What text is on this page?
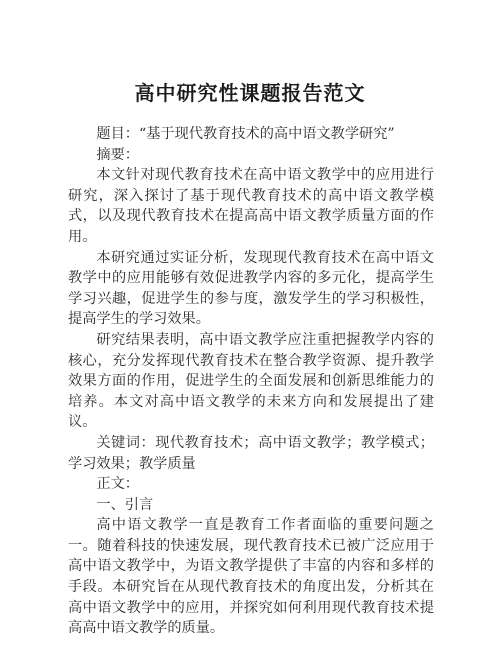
高中研究性课题报告范文

题目：“基于现代教育技术的高中语文教学研究”

摘要：

本文针对现代教育技术在高中语文教学中的应用进行研究，深入探讨了基于现代教育技术的高中语文教学模式，以及现代教育技术在提高高中语文教学质量方面的作用。

本研究通过实证分析，发现现代教育技术在高中语文教学中的应用能够有效促进教学内容的多元化，提高学生学习兴趣，促进学生的参与度，激发学生的学习积极性，提高学生的学习效果。

研究结果表明，高中语文教学应注重把握教学内容的核心，充分发挥现代教育技术在整合教学资源、提升教学效果方面的作用，促进学生的全面发展和创新思维能力的培养。本文对高中语文教学的未来方向和发展提出了建议。

关键词：现代教育技术；高中语文教学；教学模式；学习效果；教学质量

正文：

一、引言

高中语文教学一直是教育工作者面临的重要问题之一。随着科技的快速发展，现代教育技术已被广泛应用于高中语文教学中，为语文教学提供了丰富的内容和多样的手段。本研究旨在从现代教育技术的角度出发，分析其在高中语文教学中的应用，并探究如何利用现代教育技术提高高中语文教学的质量。
